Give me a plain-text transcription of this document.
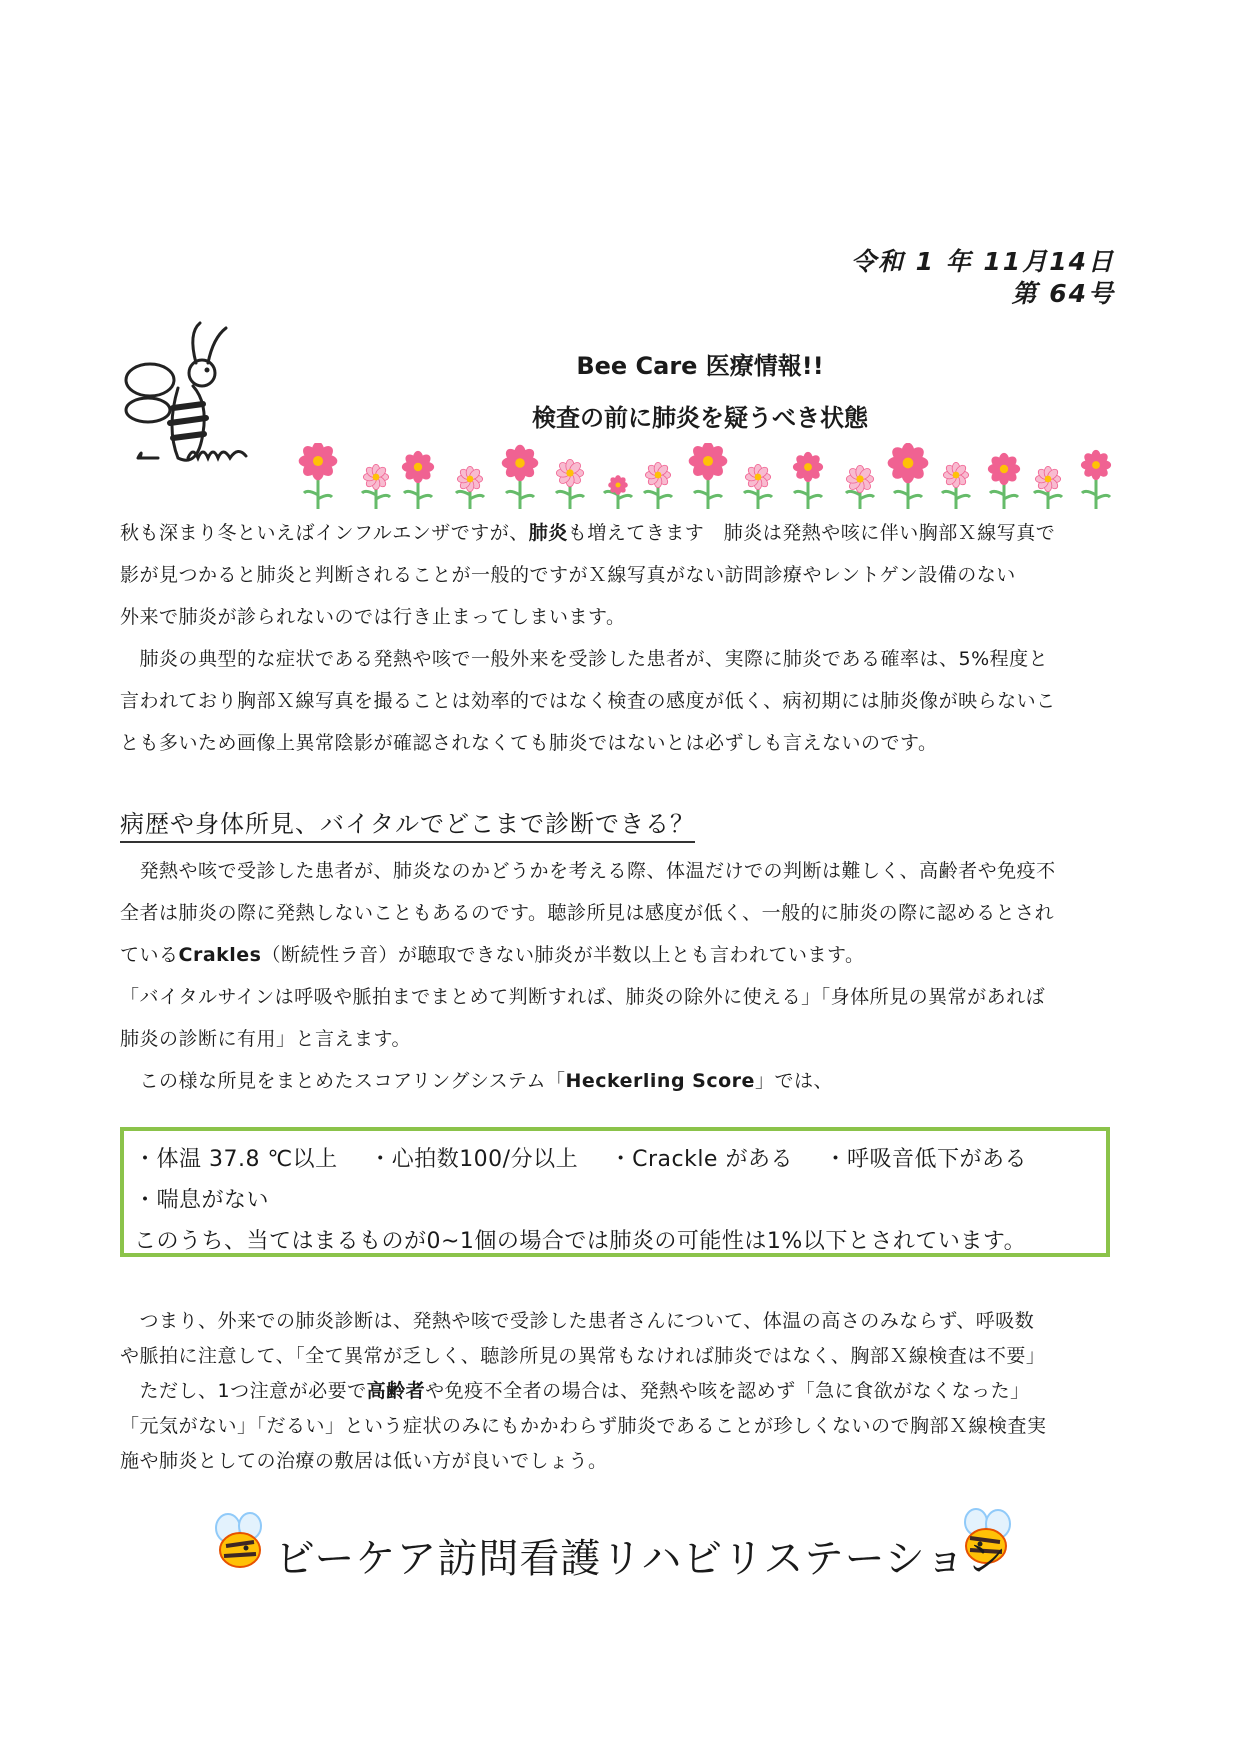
令和 1 年 11月14日
第 64号
Bee Care 医療情報!!
検査の前に肺炎を疑うべき状態

秋も深まり冬といえばインフルエンザですが、肺炎も増えてきます　肺炎は発熱や咳に伴い胸部Ｘ線写真で

影が見つかると肺炎と判断されることが一般的ですがＸ線写真がない訪問診療やレントゲン設備のない

外来で肺炎が診られないのでは行き止まってしまいます。

　肺炎の典型的な症状である発熱や咳で一般外来を受診した患者が、実際に肺炎である確率は、5%程度と

言われており胸部Ｘ線写真を撮ることは効率的ではなく検査の感度が低く、病初期には肺炎像が映らないこ

とも多いため画像上異常陰影が確認されなくても肺炎ではないとは必ずしも言えないのです。

病歴や身体所見、バイタルでどこまで診断できる？

　発熱や咳で受診した患者が、肺炎なのかどうかを考える際、体温だけでの判断は難しく、高齢者や免疫不

全者は肺炎の際に発熱しないこともあるのです。聴診所見は感度が低く、一般的に肺炎の際に認めるとされ

ているCrakles（断続性ラ音）が聴取できない肺炎が半数以上とも言われています。

「バイタルサインは呼吸や脈拍までまとめて判断すれば、肺炎の除外に使える」「身体所見の異常があれば

肺炎の診断に有用」と言えます。

　この様な所見をまとめたスコアリングシステム「Heckerling Score」では、

・体温 37.8 ℃以上 ・心拍数100/分以上 ・Crackle がある ・呼吸音低下がある

・喘息がない

このうち、当てはまるものが0~1個の場合では肺炎の可能性は1%以下とされています。

　つまり、外来での肺炎診断は、発熱や咳で受診した患者さんについて、体温の高さのみならず、呼吸数

や脈拍に注意して、「全て異常が乏しく、聴診所見の異常もなければ肺炎ではなく、胸部Ｘ線検査は不要」

　ただし、1つ注意が必要で高齢者や免疫不全者の場合は、発熱や咳を認めず「急に食欲がなくなった」

「元気がない」「だるい」という症状のみにもかかわらず肺炎であることが珍しくないので胸部Ｘ線検査実

施や肺炎としての治療の敷居は低い方が良いでしょう。

ビーケア訪問看護リハビリステーション
